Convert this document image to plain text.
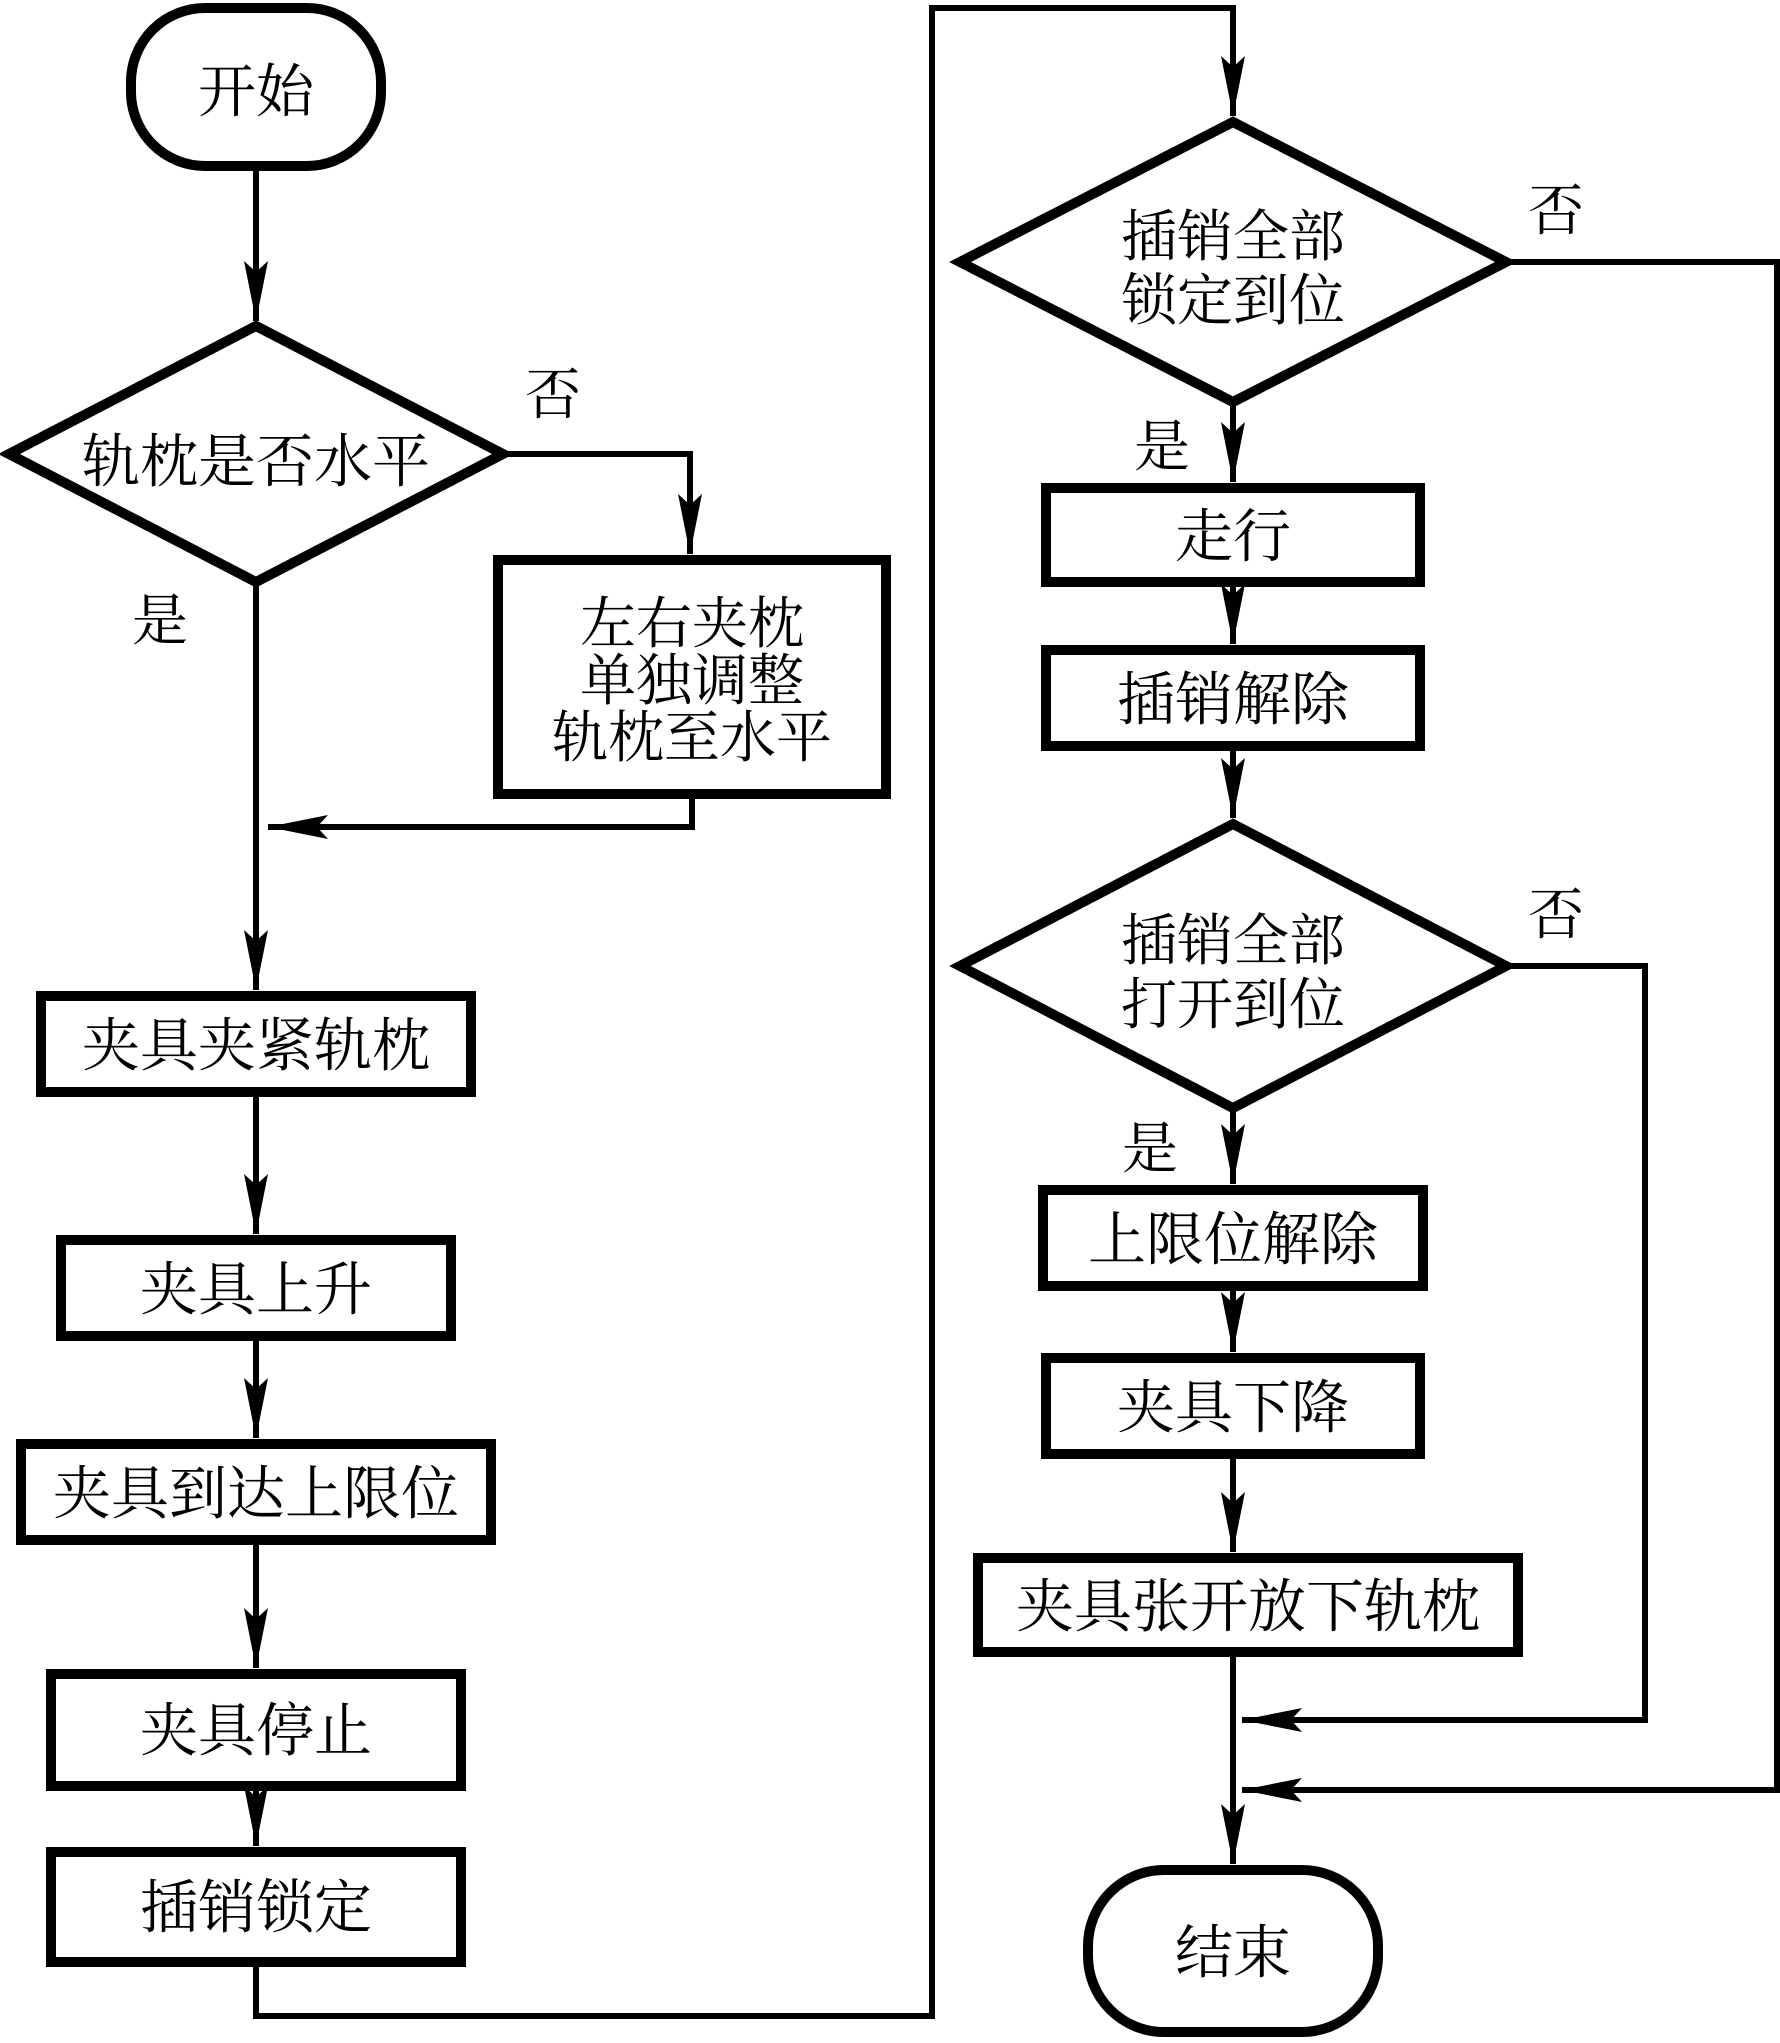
开始
轨枕是否水平
否
是	左右夹枕
单独调整
轨枕至水平
夹具夹紧轨枕
夹具上升
夹具到达上限位
夹具停止
插销锁定
插销全部
锁定到位
否
是
走行
插销解除
插销全部
打开到位
否
是
上限位解除
夹具下降
夹具张开放下轨枕
结束
